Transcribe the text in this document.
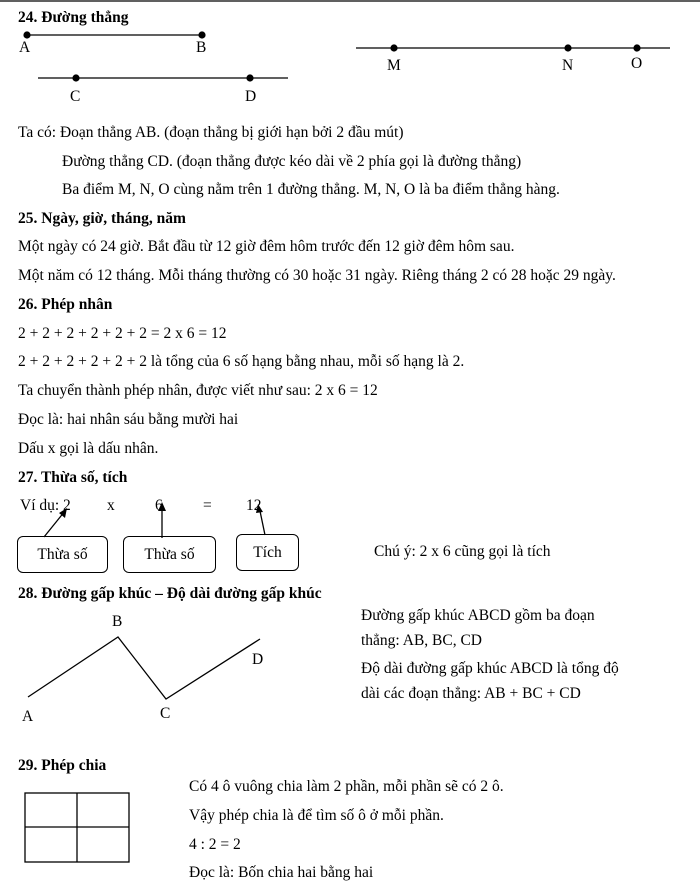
24. Đường thẳng
A	B
C	D
M	N	O
Ta có: Đoạn thẳng AB. (đoạn thẳng bị giới hạn bởi 2 đầu mút)
Đường thẳng CD. (đoạn thẳng được kéo dài về 2 phía gọi là đường thẳng)
Ba điểm M, N, O cùng nằm trên 1 đường thẳng. M, N, O là ba điểm thẳng hàng.
25. Ngày, giờ, tháng, năm
Một ngày có 24 giờ. Bắt đầu từ 12 giờ đêm hôm trước đến 12 giờ đêm hôm sau.
Một năm có 12 tháng. Mỗi tháng thường có 30 hoặc 31 ngày. Riêng tháng 2 có 28 hoặc 29 ngày.
26. Phép nhân
2 + 2 + 2 + 2 + 2 + 2 = 2 x 6 = 12
2 + 2 + 2 + 2 + 2 + 2 là tổng của 6 số hạng bằng nhau, mỗi số hạng là 2.
Ta chuyển thành phép nhân, được viết như sau: 2 x 6 = 12
Đọc là: hai nhân sáu bằng mười hai
Dấu x gọi là dấu nhân.
27. Thừa số, tích
Ví dụ: 2 x	6	= 12
Thừa số	Thừa số	Tích	Chú ý: 2 x 6 cũng gọi là tích
28. Đường gấp khúc – Độ dài đường gấp khúc
B
D
C
A
Đường gấp khúc ABCD gồm ba đoạn
thẳng: AB, BC, CD
Độ dài đường gấp khúc ABCD là tổng độ
dài các đoạn thẳng: AB + BC + CD
29. Phép chia
Có 4 ô vuông chia làm 2 phần, mỗi phần sẽ có 2 ô.
Vậy phép chia là để tìm số ô ở mỗi phần.
4 : 2 = 2
Đọc là: Bốn chia hai bằng hai
